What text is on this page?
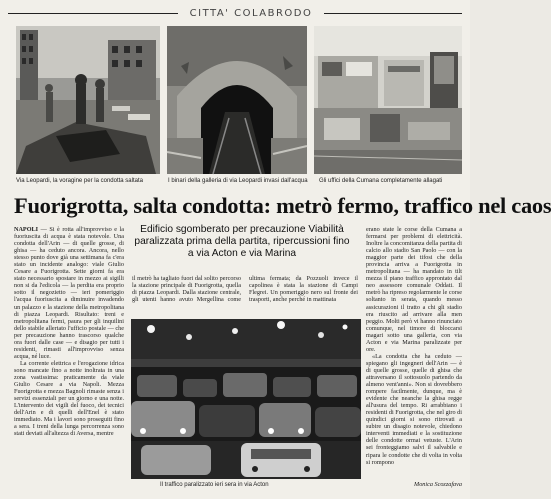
CITTA' COLABRODO
Via Leopardi, la voragine per la condotta saltata	I binari della galleria di via Leopardi invasi dall'acqua Gli uffici della Cumana completamente allagati
Fuorigrotta, salta condotta: metrò fermo, traffico nel caos

NAPOLI — Si è rotta all'improvviso e la fuoriuscita di acqua è stata notevole. Una condotta dell'Arin — di quelle grosse, di ghisa — ha ceduto ancora. Ancora, nello stesso punto dove già una settimana fa c'era stato un incidente analogo: viale Giulio Cesare a Fuorigrotta. Sette giorni fa era stato necessario spostare in mezzo ai sigilli non si da l'edicola — la perdita era proprio sotto il negozietto — ieri pomeriggio l'acqua fuoriuscita a diminuire invadendo un palazzo e la stazione della metropolitana di piazza Leopardi. Risultato: treni e metropolitana fermi, paura per gli inquilini dello stabile allertato l'ufficio postale — che per precauzione hanno trascorso qualche ora fuori dalle case — e disagio per tutti i residenti, rimasti all'improvviso senza acqua, né luce.

La corrente elettrica e l'erogazione idrica sono mancate fino a notte inoltrata in una zona vastissima: praticamente da viale Giulio Cesare a via Napoli. Mezza Fuorigrotta e mezza Bagnoli rimaste senza i servizi essenziali per un giorno e una notte. L'intervento dei vigili del fuoco, dei tecnici dell'Arin e di quelli dell'Enel è stato immediato. Ma i lavori sono proseguiti fino a sera. I treni della lunga percorrenza sono stati deviati all'altezza di Aversa, mentre

Edificio sgomberato per precauzione Viabilità paralizzata prima della partita, ripercussioni fino a via Acton e via Marina

il metrò ha tagliato fuori dal solito percorso la stazione principale di Fuorigrotta, quella di piazza Leopardi. Dalla stazione centrale, gli utenti hanno avuto Mergellina come ultima fermata; da Pozzuoli invece il capolinea è stata la stazione di Campi Flegrei. Un pomeriggio nero sul fronte dei trasporti, anche perché in mattinata

Il traffico paralizzato ieri sera in via Acton

erano state le corse della Cumana a fermarsi per problemi di elettricità. Inoltre la concomitanza della partita di calcio allo stadio San Paolo — con la maggior parte dei tifosi che della provincia arriva a Fuorigrotta in metropolitana — ha mandato in tilt mezza il piano traffico approntato dal neo assessore comunale Oddati. Il metrò ha ripreso regolarmente le corse soltanto in serata, quando messo assicurazioni il tratto a chi gli stadio era riuscito ad arrivare alla men peggio. Molti però vi hanno rinunciato comunque, nel timore di bloccarsi magari sotto una galleria, con via Acton e via Marina paralizzate per ore.

«La condotta che ha ceduto — spiegano gli ingegneri dell'Arin — è di quelle grosse, quelle di ghisa che attraversano il sottosuolo partendo da almeno vent'anni». Non si dovrebbero rompere facilmente, dunque, ma è evidente che neanche la ghisa regge all'usura del tempo. Ri arrabbiano i residenti di Fuorigrotta, che nel giro di quindici giorni si sono ritrovati a subire un disagio notevole, chiedono interventi immediati e la sostituzione delle condotte ormai vetuste. L'Arin sei fronteggiamo salvi il salvabile e ripara le condotte che di volta in volta si rompono

Monica Scozzafava
